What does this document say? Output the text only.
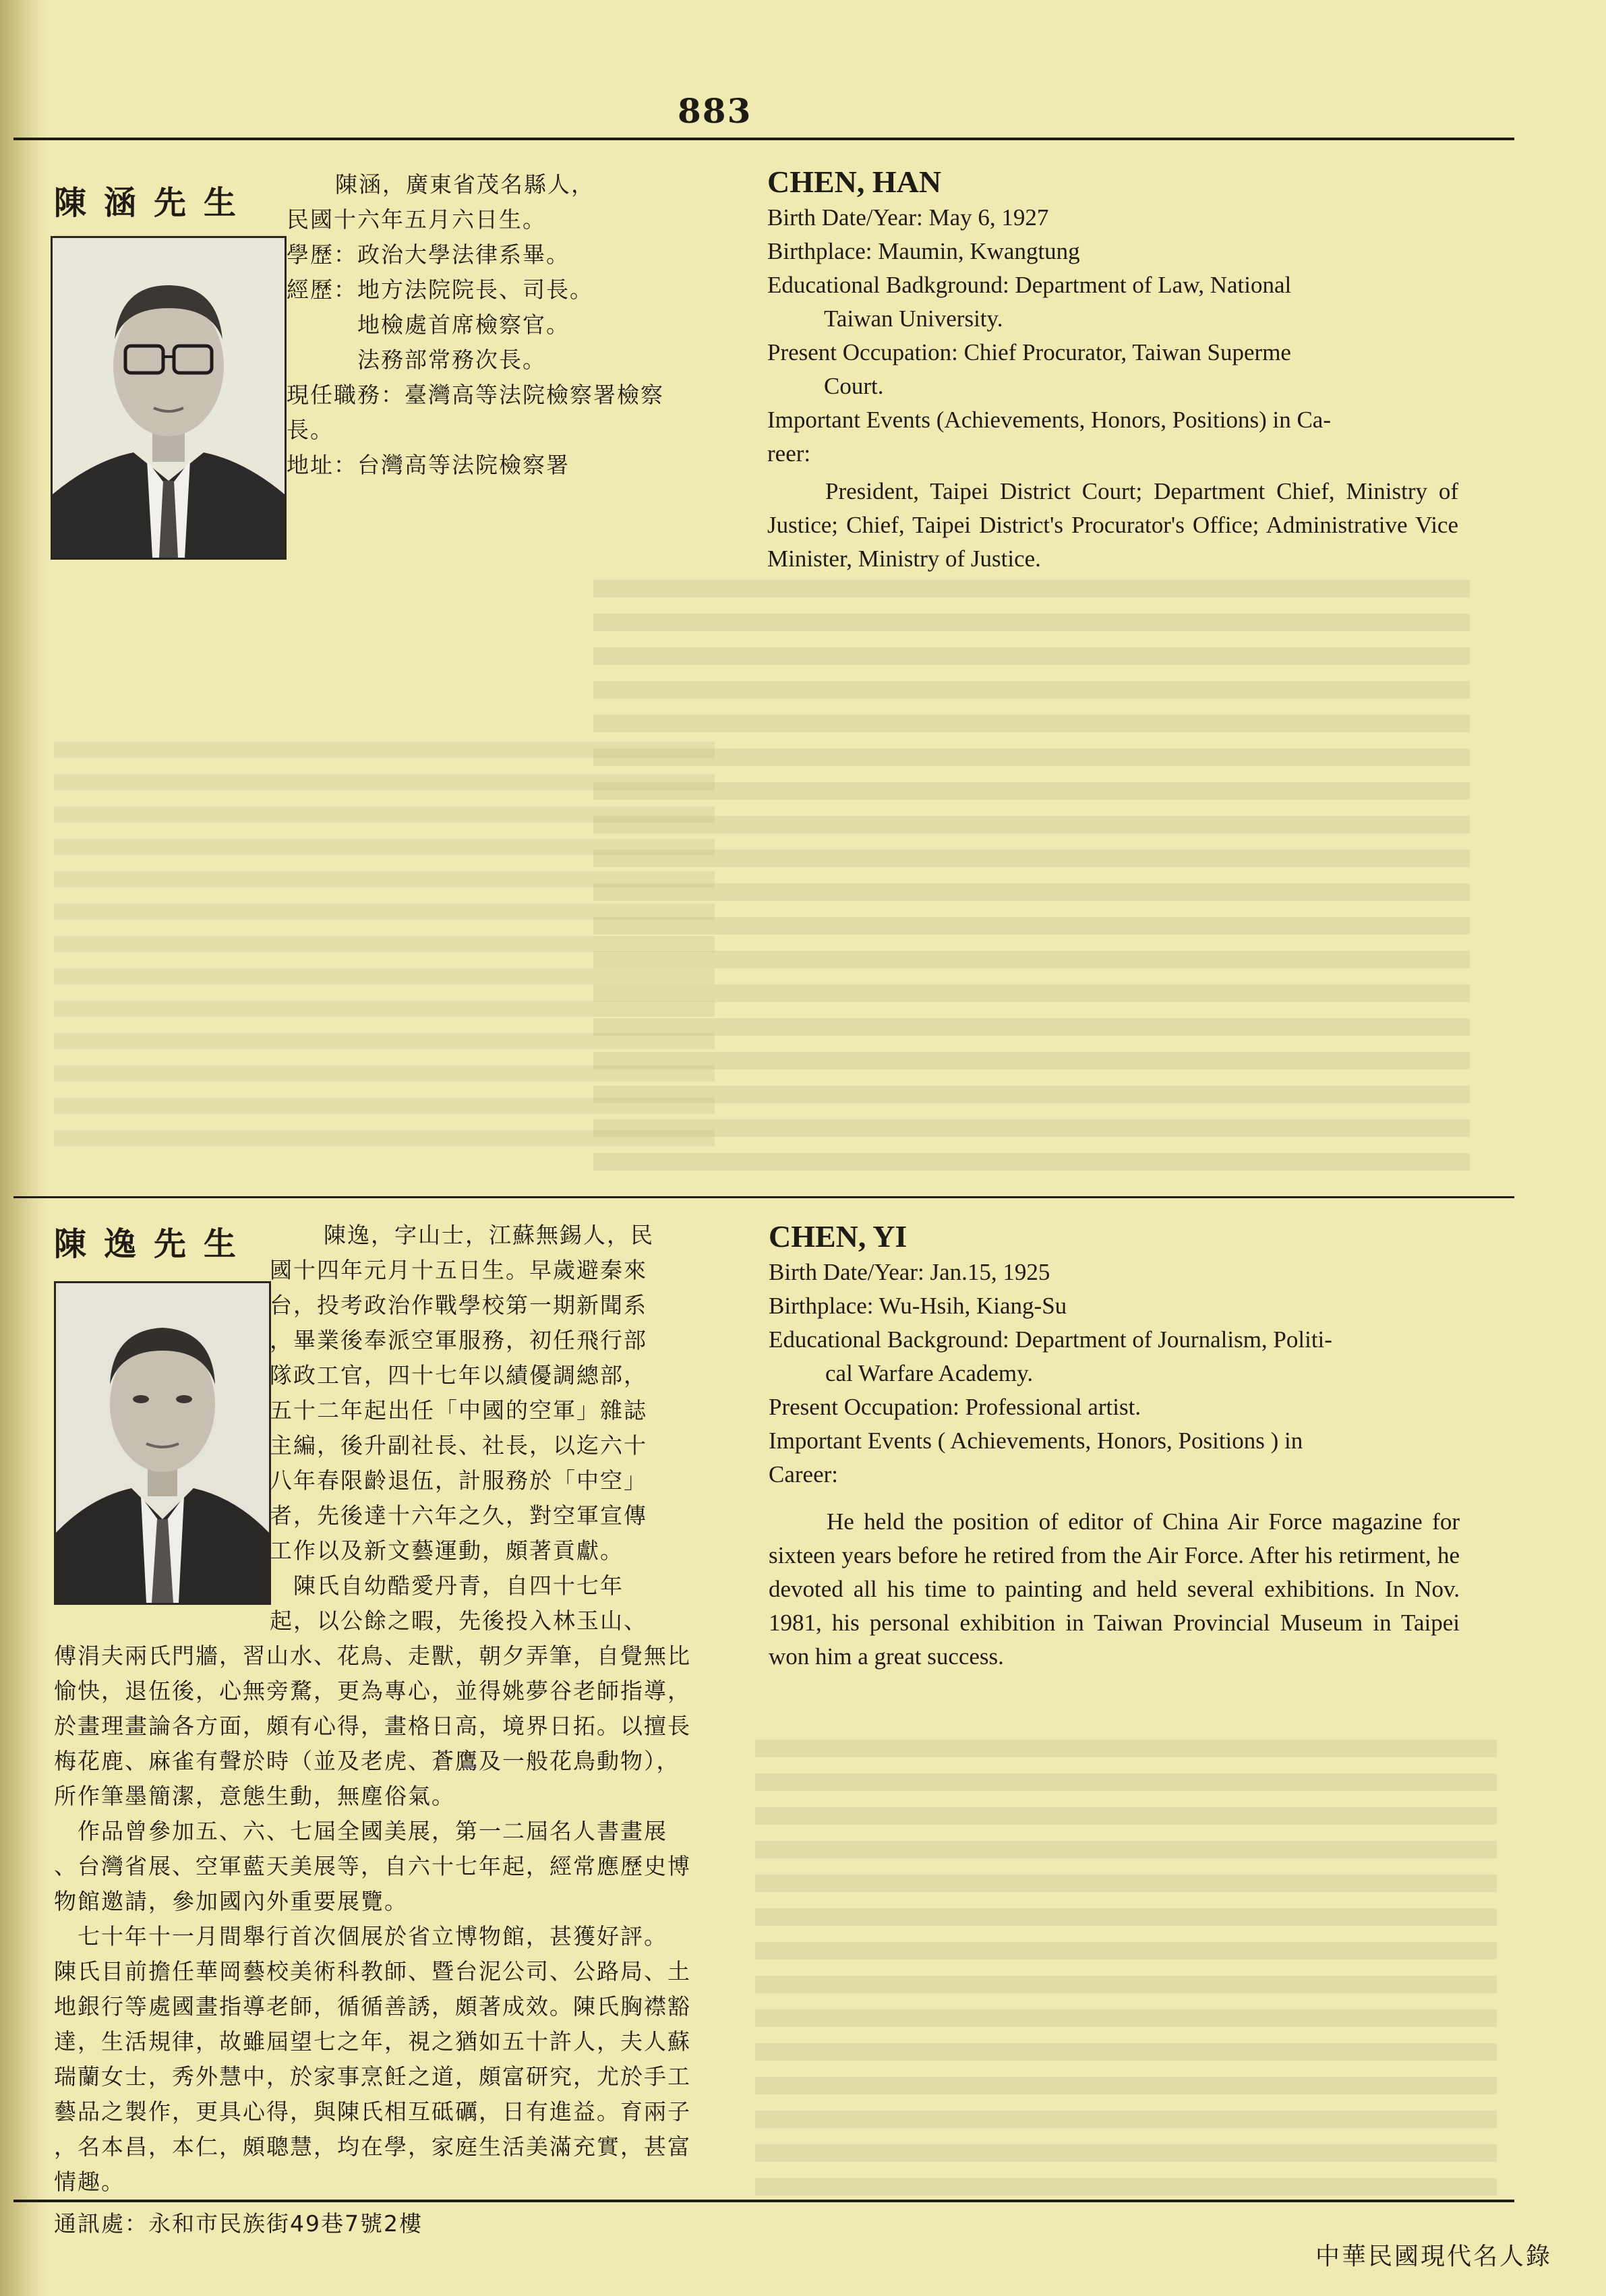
883
陳涵先生	陳涵，廣東省茂名縣人，
民國十六年五月六日生。
學歷：政治大學法律系畢。
經歷：地方法院院長、司長。
　　　地檢處首席檢察官。
　　　法務部常務次長。
現任職務：臺灣高等法院檢察署檢察
長。
地址：台灣高等法院檢察署
CHEN, HAN
Birth Date/Year: May 6, 1927
Birthplace: Maumin, Kwangtung
Educational Badkground: Department of Law, National
Taiwan University.
Present Occupation: Chief Procurator, Taiwan Superme
Court.
Important Events (Achievements, Honors, Positions) in Ca-
reer:

President, Taipei District Court; Department Chief, Ministry of Justice; Chief, Taipei District's Procurator's Office; Administrative Vice Minister, Ministry of Justice.

陳逸先生	陳逸，字山士，江蘇無錫人，民
國十四年元月十五日生。早歲避秦來
台，投考政治作戰學校第一期新聞系
，畢業後奉派空軍服務，初任飛行部
隊政工官，四十七年以績優調總部，
五十二年起出任「中國的空軍」雜誌
主編，後升副社長、社長，以迄六十
八年春限齡退伍，計服務於「中空」
者，先後達十六年之久，對空軍宣傳
工作以及新文藝運動，頗著貢獻。
　陳氏自幼酷愛丹青，自四十七年
起，以公餘之暇，先後投入林玉山、
傅涓夫兩氏門牆，習山水、花鳥、走獸，朝夕弄筆，自覺無比
愉快，退伍後，心無旁騖，更為專心，並得姚夢谷老師指導，
於畫理畫論各方面，頗有心得，畫格日高，境界日拓。以擅長
梅花鹿、麻雀有聲於時（並及老虎、蒼鷹及一般花鳥動物），
所作筆墨簡潔，意態生動，無塵俗氣。
　作品曾參加五、六、七屆全國美展，第一二屆名人書畫展
、台灣省展、空軍藍天美展等，自六十七年起，經常應歷史博
物館邀請，參加國內外重要展覽。
　七十年十一月間舉行首次個展於省立博物館，甚獲好評。
陳氏目前擔任華岡藝校美術科教師、暨台泥公司、公路局、土
地銀行等處國畫指導老師，循循善誘，頗著成效。陳氏胸襟豁
達，生活規律，故雖屆望七之年，視之猶如五十許人，夫人蘇
瑞蘭女士，秀外慧中，於家事烹飪之道，頗富研究，尤於手工
藝品之製作，更具心得，與陳氏相互砥礪，日有進益。育兩子
，名本昌，本仁，頗聰慧，均在學，家庭生活美滿充實，甚富
情趣。
通訊處：永和市民族街49巷7號2樓
CHEN, YI
Birth Date/Year: Jan.15, 1925
Birthplace: Wu-Hsih, Kiang-Su
Educational Background: Department of Journalism, Politi-
cal Warfare Academy.
Present Occupation: Professional artist.
Important Events ( Achievements, Honors, Positions ) in
Career:

He held the position of editor of China Air Force magazine for sixteen years before he retired from the Air Force. After his retirment, he devoted all his time to painting and held several exhibitions. In Nov. 1981, his personal exhibition in Taiwan Provincial Museum in Taipei won him a great success.

中華民國現代名人錄
